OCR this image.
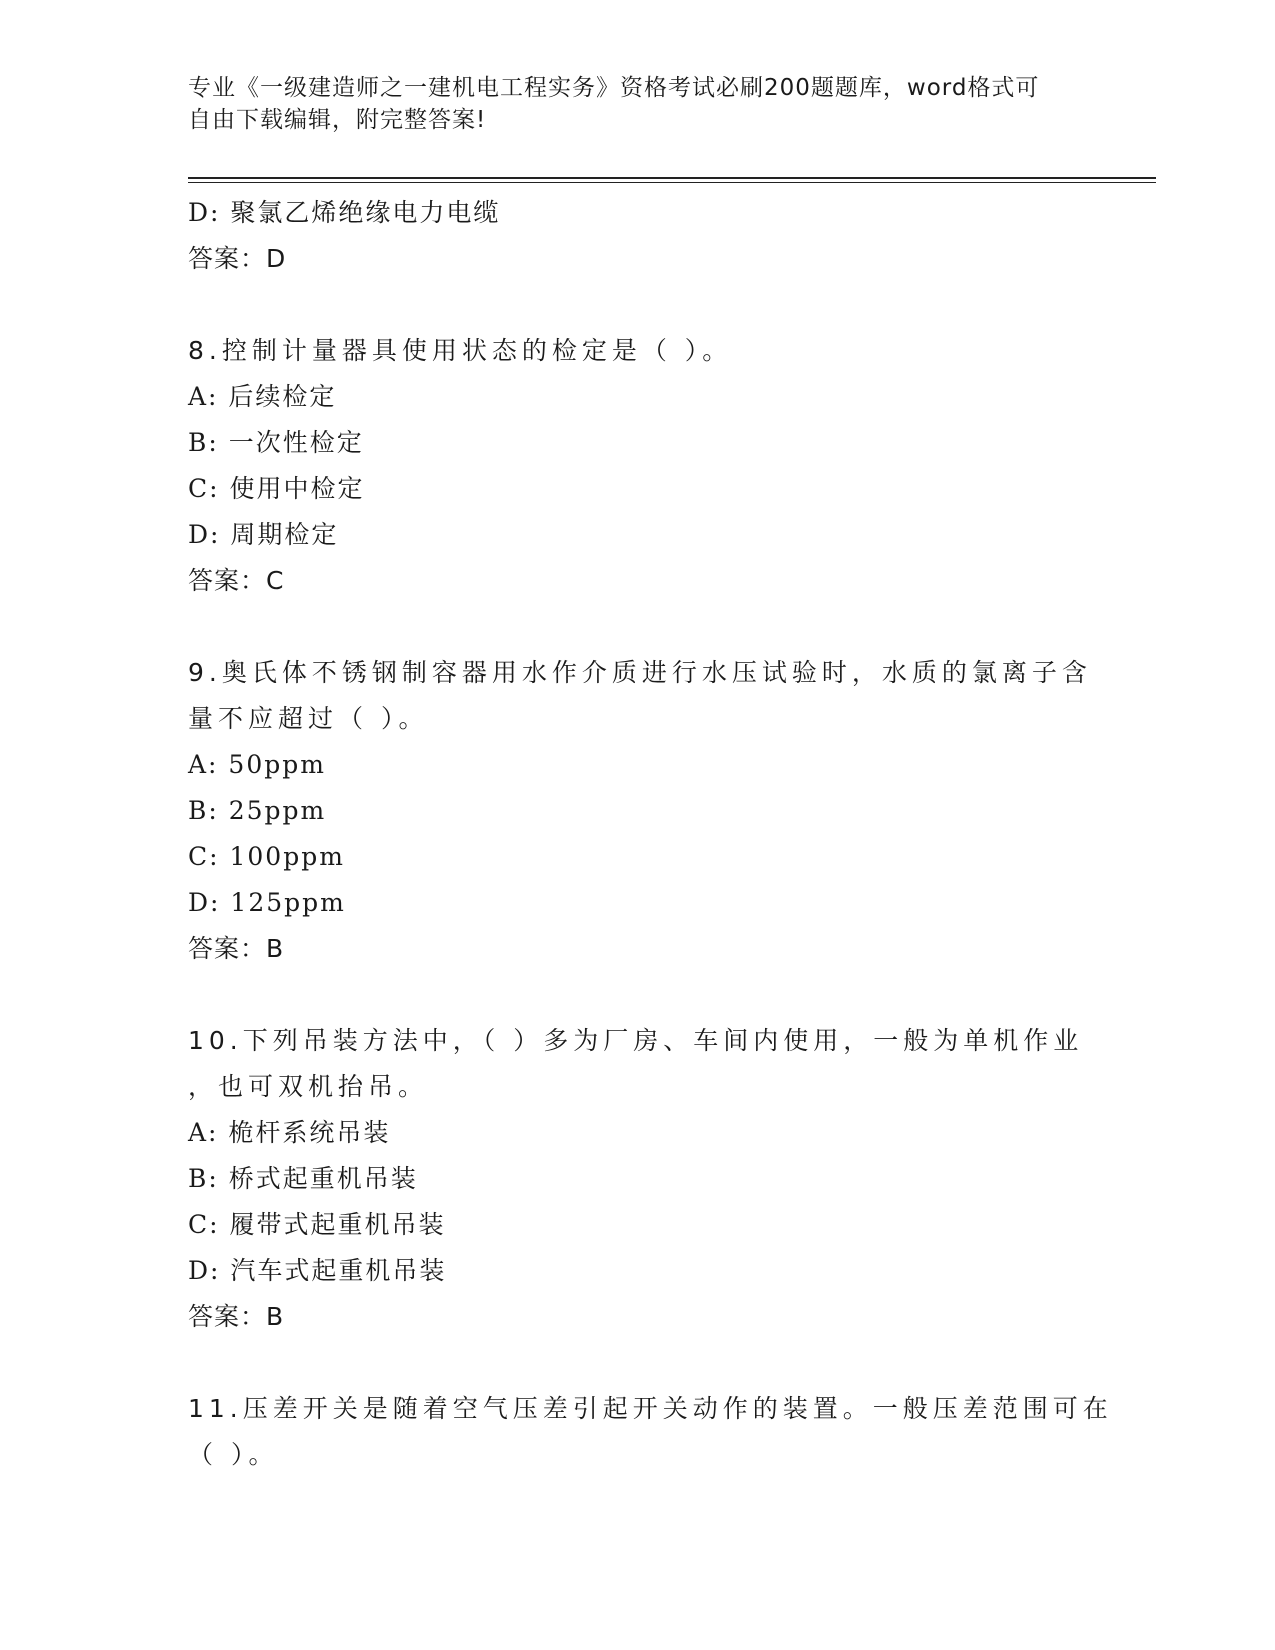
专业《一级建造师之一建机电工程实务》资格考试必刷200题题库，word格式可
自由下载编辑，附完整答案!
D: 聚氯乙烯绝缘电力电缆
答案：D
8.控制计量器具使用状态的检定是（ ）。
A: 后续检定
B: 一次性检定
C: 使用中检定
D: 周期检定
答案：C
9.奥氏体不锈钢制容器用水作介质进行水压试验时，水质的氯离子含
量不应超过（ ）。
A: 50ppm
B: 25ppm
C: 100ppm
D: 125ppm
答案：B
10.下列吊装方法中，（ ）多为厂房、车间内使用，一般为单机作业
，也可双机抬吊。
A: 桅杆系统吊装
B: 桥式起重机吊装
C: 履带式起重机吊装
D: 汽车式起重机吊装
答案：B
11.压差开关是随着空气压差引起开关动作的装置。一般压差范围可在
（ ）。
